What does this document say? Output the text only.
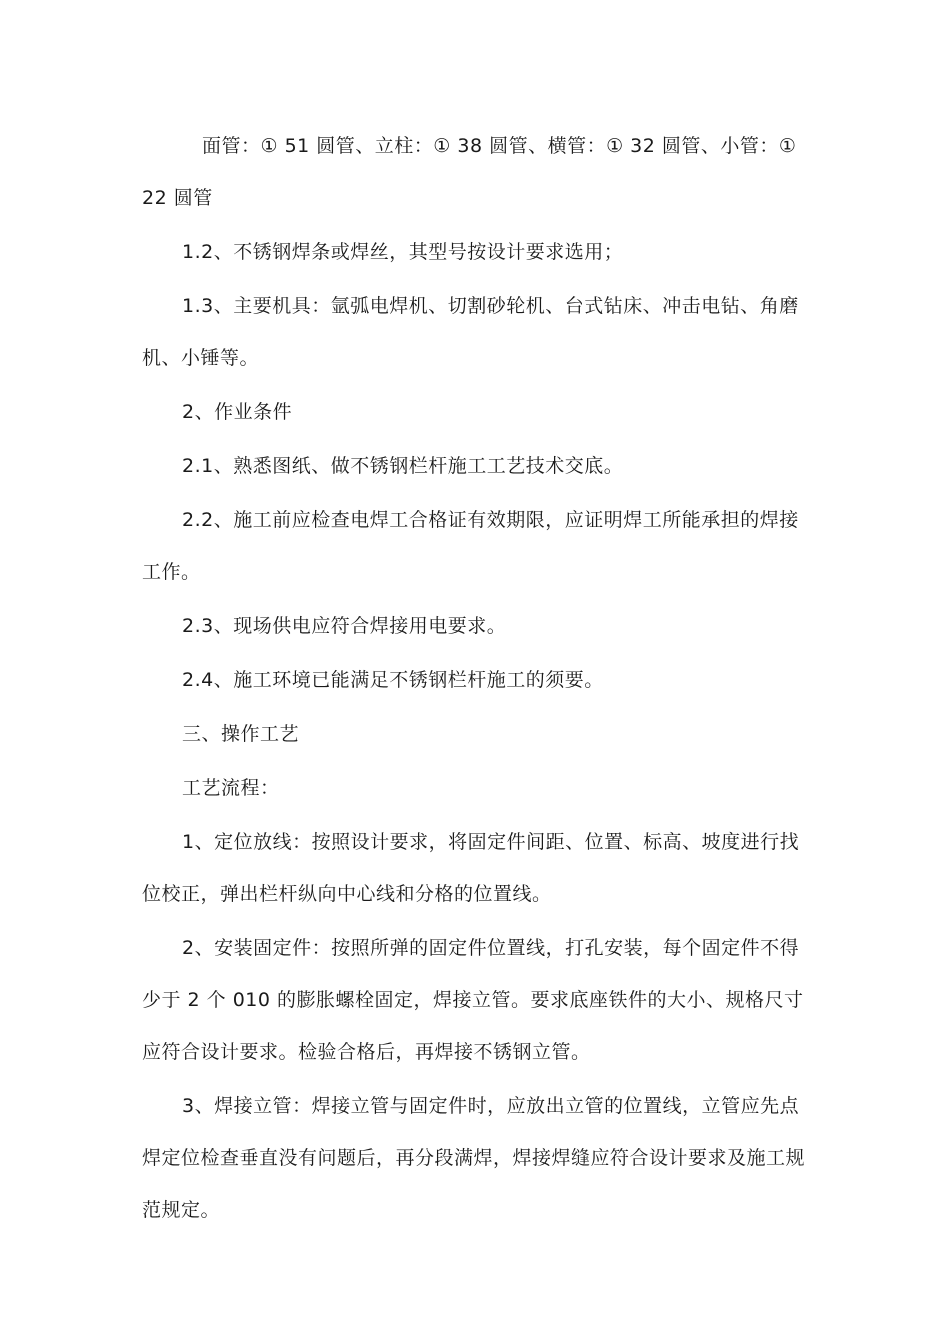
面管：① 51 圆管、立柱：① 38 圆管、横管：① 32 圆管、小管：① 22 圆管

1.2、不锈钢焊条或焊丝，其型号按设计要求选用；

1.3、主要机具：氩弧电焊机、切割砂轮机、台式钻床、冲击电钻、角磨机、小锤等。

2、作业条件

2.1、熟悉图纸、做不锈钢栏杆施工工艺技术交底。

2.2、施工前应检查电焊工合格证有效期限，应证明焊工所能承担的焊接工作。

2.3、现场供电应符合焊接用电要求。

2.4、施工环境已能满足不锈钢栏杆施工的须要。

三、操作工艺

工艺流程：

1、定位放线：按照设计要求，将固定件间距、位置、标高、坡度进行找位校正，弹出栏杆纵向中心线和分格的位置线。

2、安装固定件：按照所弹的固定件位置线，打孔安装，每个固定件不得少于 2 个 010 的膨胀螺栓固定，焊接立管。要求底座铁件的大小、规格尺寸应符合设计要求。检验合格后，再焊接不锈钢立管。

3、焊接立管：焊接立管与固定件时，应放出立管的位置线，立管应先点焊定位检查垂直没有问题后，再分段满焊，焊接焊缝应符合设计要求及施工规范规定。
